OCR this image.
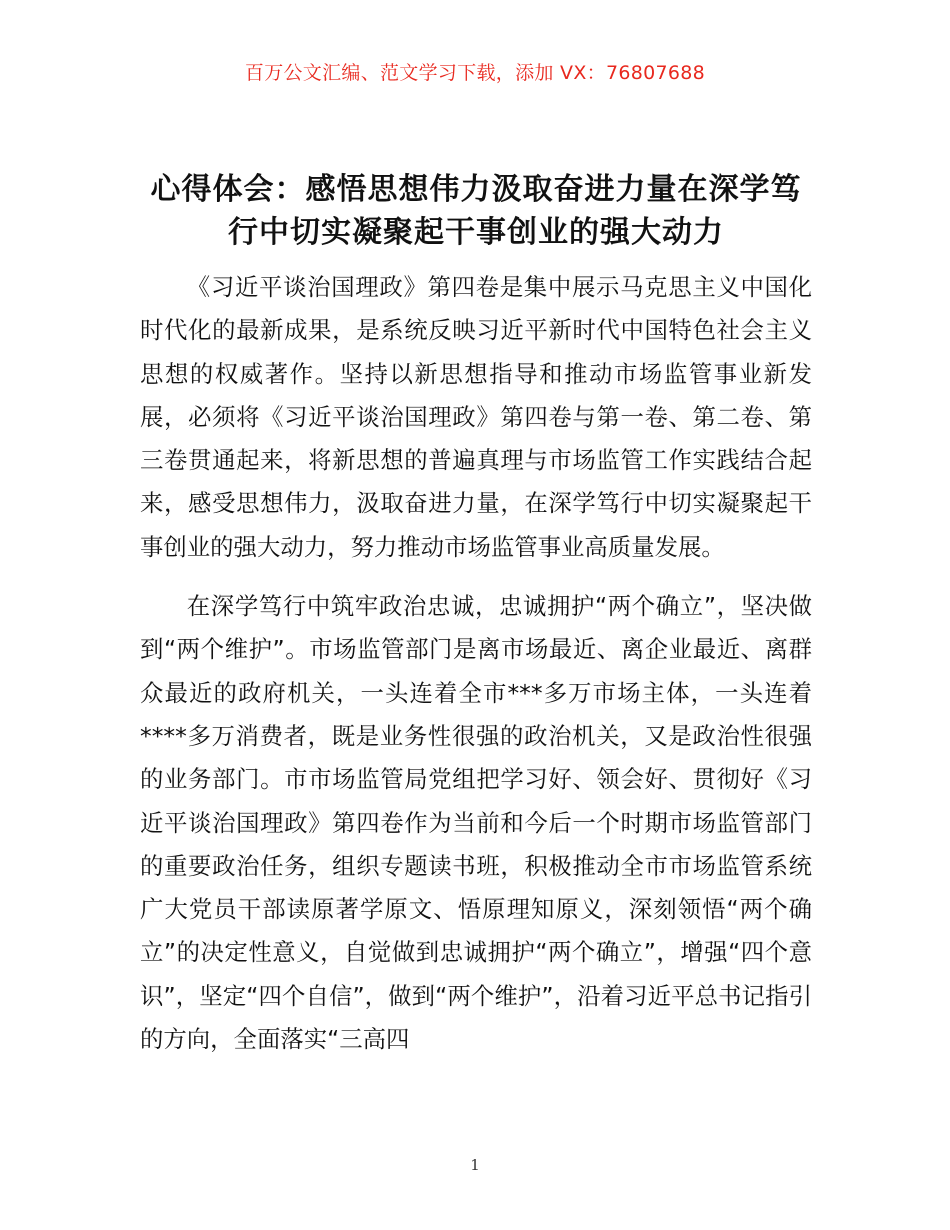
百万公文汇编、范文学习下载，添加 VX：76807688
心得体会：感悟思想伟力汲取奋进力量在深学笃行中切实凝聚起干事创业的强大动力

《习近平谈治国理政》第四卷是集中展示马克思主义中国化时代化的最新成果，是系统反映习近平新时代中国特色社会主义思想的权威著作。坚持以新思想指导和推动市场监管事业新发展，必须将《习近平谈治国理政》第四卷与第一卷、第二卷、第三卷贯通起来，将新思想的普遍真理与市场监管工作实践结合起来，感受思想伟力，汲取奋进力量，在深学笃行中切实凝聚起干事创业的强大动力，努力推动市场监管事业高质量发展。

在深学笃行中筑牢政治忠诚，忠诚拥护“两个确立”，坚决做到“两个维护”。市场监管部门是离市场最近、离企业最近、离群众最近的政府机关，一头连着全市***多万市场主体，一头连着****多万消费者，既是业务性很强的政治机关，又是政治性很强的业务部门。市市场监管局党组把学习好、领会好、贯彻好《习近平谈治国理政》第四卷作为当前和今后一个时期市场监管部门的重要政治任务，组织专题读书班，积极推动全市市场监管系统广大党员干部读原著学原文、悟原理知原义，深刻领悟“两个确立”的决定性意义，自觉做到忠诚拥护“两个确立”，增强“四个意识”，坚定“四个自信”，做到“两个维护”，沿着习近平总书记指引的方向，全面落实“三高四

1
